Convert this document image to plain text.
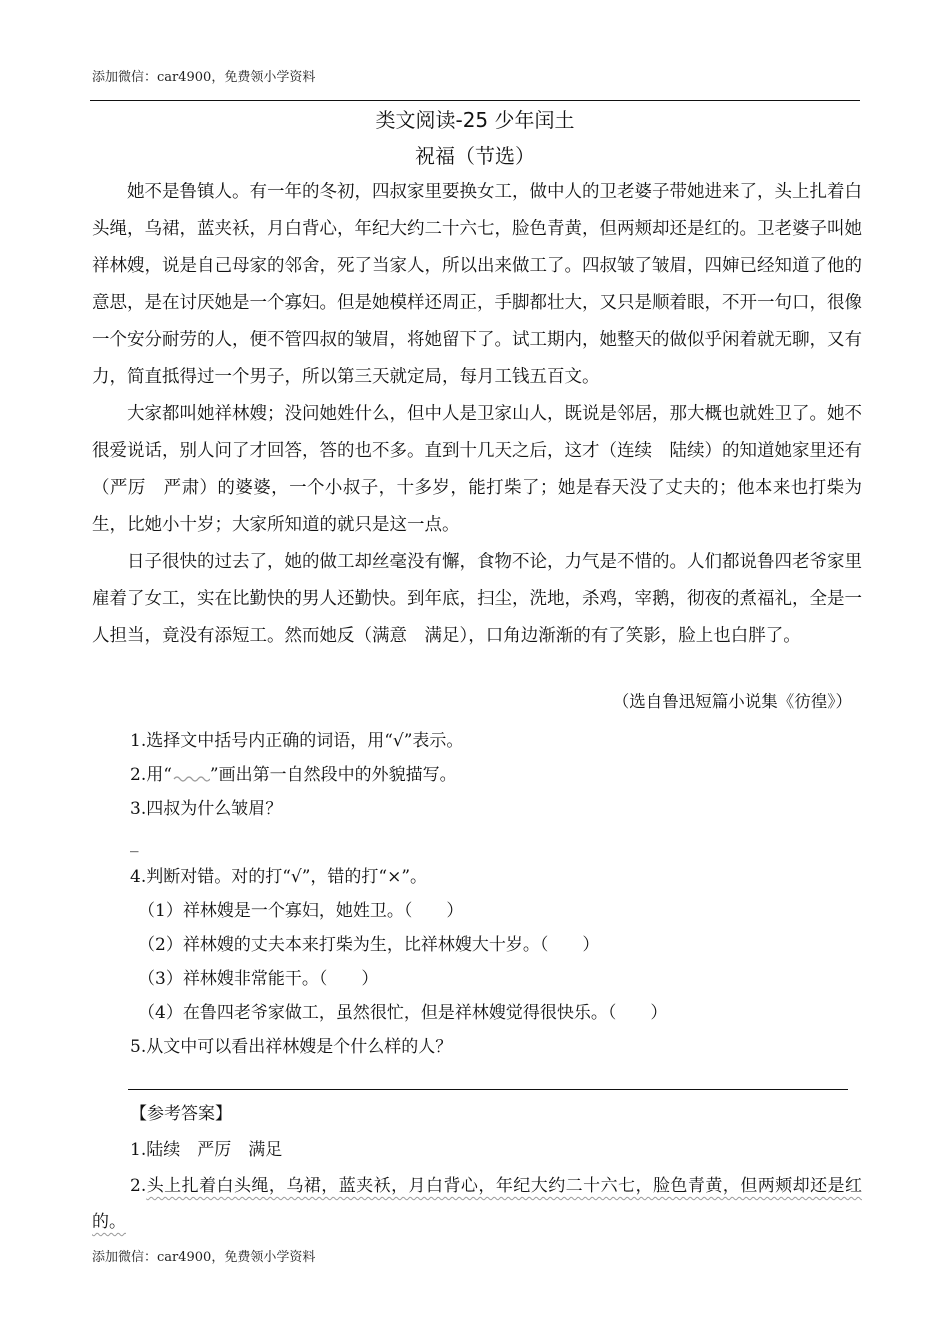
添加微信：car4900，免费领小学资料
类文阅读-25 少年闰土
祝福（节选）

她不是鲁镇人。有一年的冬初，四叔家里要换女工，做中人的卫老婆子带她进来了，头上扎着白头绳，乌裙，蓝夹袄，月白背心，年纪大约二十六七，脸色青黄，但两颊却还是红的。卫老婆子叫她祥林嫂，说是自己母家的邻舍，死了当家人，所以出来做工了。四叔皱了皱眉，四婶已经知道了他的意思，是在讨厌她是一个寡妇。但是她模样还周正，手脚都壮大，又只是顺着眼，不开一句口，很像一个安分耐劳的人，便不管四叔的皱眉，将她留下了。试工期内，她整天的做似乎闲着就无聊，又有力，简直抵得过一个男子，所以第三天就定局，每月工钱五百文。

大家都叫她祥林嫂；没问她姓什么，但中人是卫家山人，既说是邻居，那大概也就姓卫了。她不很爱说话，别人问了才回答，答的也不多。直到十几天之后，这才（连续　陆续）的知道她家里还有（严厉　严肃）的婆婆，一个小叔子，十多岁，能打柴了；她是春天没了丈夫的；他本来也打柴为生，比她小十岁；大家所知道的就只是这一点。

日子很快的过去了，她的做工却丝毫没有懈，食物不论，力气是不惜的。人们都说鲁四老爷家里雇着了女工，实在比勤快的男人还勤快。到年底，扫尘，洗地，杀鸡，宰鹅，彻夜的煮福礼，全是一人担当，竟没有添短工。然而她反（满意　满足），口角边渐渐的有了笑影，脸上也白胖了。

（选自鲁迅短篇小说集《彷徨》）
1.选择文中括号内正确的词语，用“√”表示。
2.用“ ”画出第一自然段中的外貌描写。
3.四叔为什么皱眉？
_
4.判断对错。对的打“√”，错的打“×”。
（1）祥林嫂是一个寡妇，她姓卫。（　　）
（2）祥林嫂的丈夫本来打柴为生，比祥林嫂大十岁。（　　）
（3）祥林嫂非常能干。（　　）
（4）在鲁四老爷家做工，虽然很忙，但是祥林嫂觉得很快乐。（　　）
5.从文中可以看出祥林嫂是个什么样的人？
【参考答案】
1.陆续　严厉　满足

2.头上扎着白头绳，乌裙，蓝夹袄，月白背心，年纪大约二十六七，脸色青黄，但两颊却还是红的。

添加微信：car4900，免费领小学资料
